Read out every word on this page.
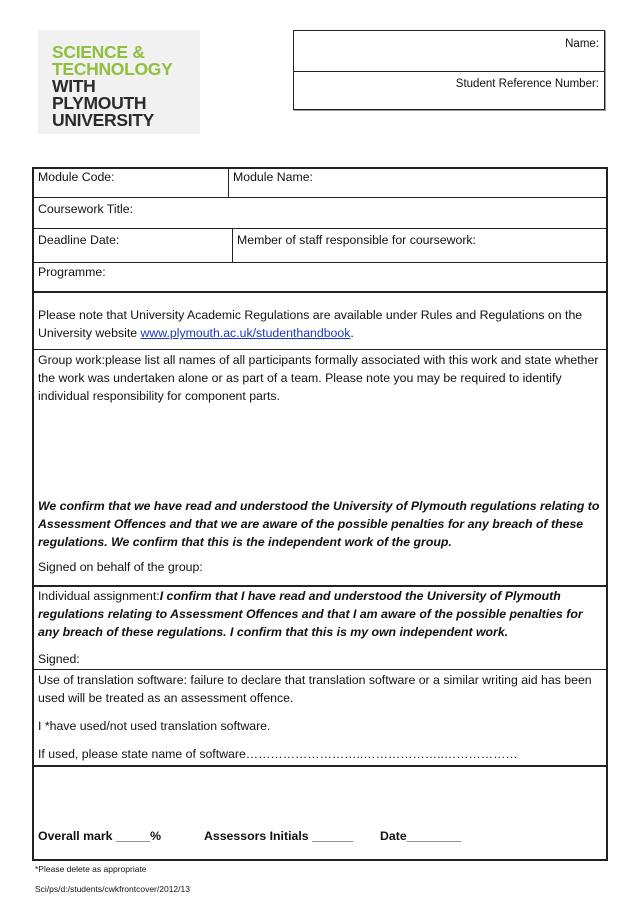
SCIENCE &
TECHNOLOGY
WITH
PLYMOUTH
UNIVERSITY
Name:
Student Reference Number:
Module Code:	Module Name:
Coursework Title:
Deadline Date:	Member of staff responsible for coursework:
Programme:
Please note that University Academic Regulations are available under Rules and Regulations on the University website www.plymouth.ac.uk/studenthandbook.
Group work:please list all names of all participants formally associated with this work and state whether the work was undertaken alone or as part of a team. Please note you may be required to identify individual responsibility for component parts.
We confirm that we have read and understood the University of Plymouth regulations relating to Assessment Offences and that we are aware of the possible penalties for any breach of these regulations. We confirm that this is the independent work of the group.
Signed on behalf of the group:
Individual assignment:I confirm that I have read and understood the University of Plymouth regulations relating to Assessment Offences and that I am aware of the possible penalties for any breach of these regulations. I confirm that this is my own independent work.
Signed:
Use of translation software: failure to declare that translation software or a similar writing aid has been used will be treated as an assessment offence.
I *have used/not used translation software.
If used, please state name of software………………………..………………..………………
Overall mark _____%	Assessors Initials ______ Date________
*Please delete as appropriate
Sci/ps/d:/students/cwkfrontcover/2012/13
